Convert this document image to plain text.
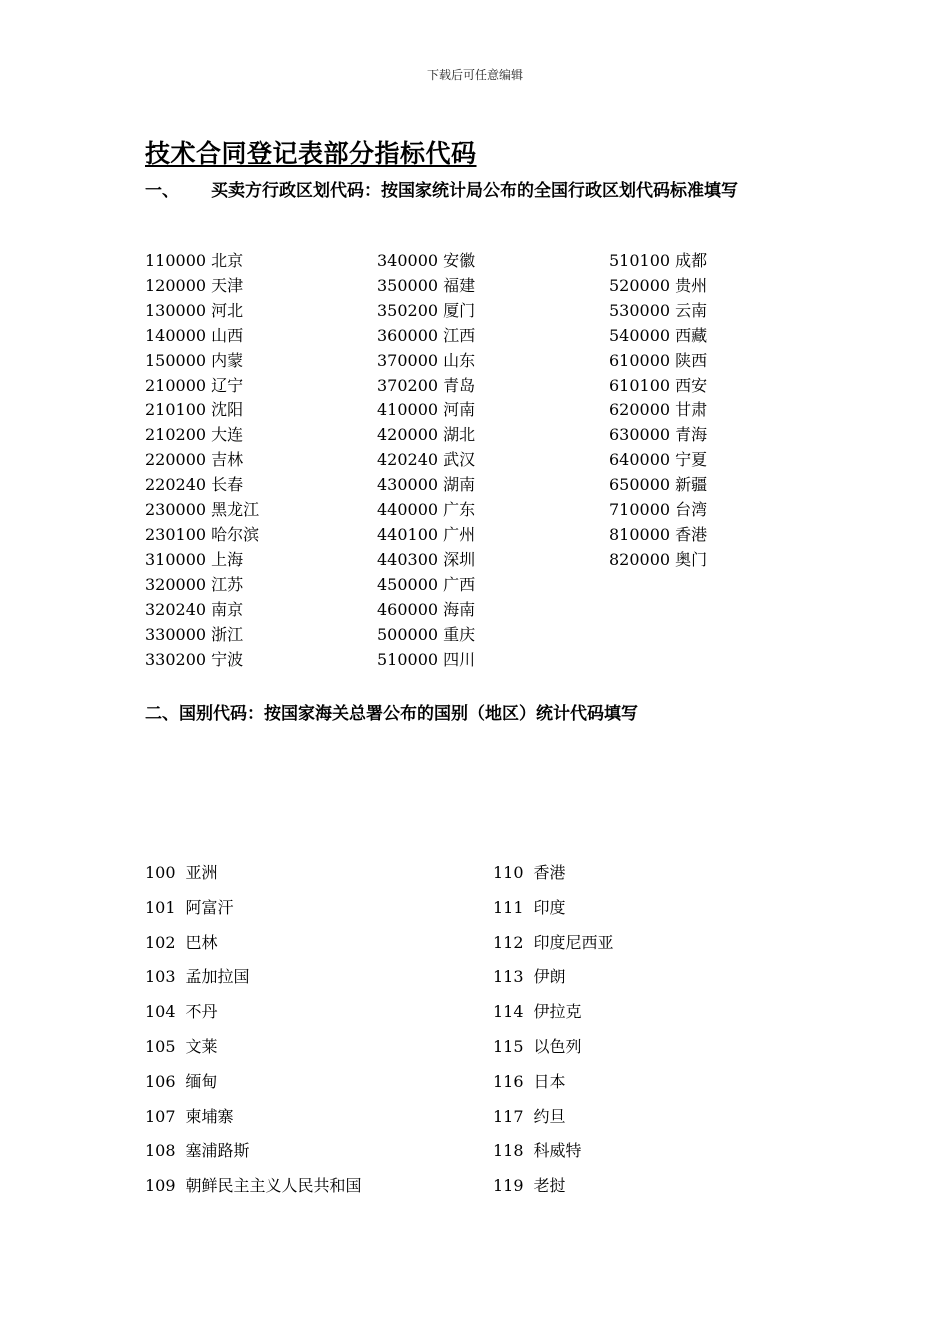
下载后可任意编辑
技术合同登记表部分指标代码
一、 买卖方行政区划代码：按国家统计局公布的全国行政区划代码标准填写
110000 北京
120000 天津
130000 河北
140000 山西
150000 内蒙
210000 辽宁
210100 沈阳
210200 大连
220000 吉林
220240 长春
230000 黑龙江
230100 哈尔滨
310000 上海
320000 江苏
320240 南京
330000 浙江
330200 宁波
340000 安徽
350000 福建
350200 厦门
360000 江西
370000 山东
370200 青岛
410000 河南
420000 湖北
420240 武汉
430000 湖南
440000 广东
440100 广州
440300 深圳
450000 广西
460000 海南
500000 重庆
510000 四川
510100 成都
520000 贵州
530000 云南
540000 西藏
610000 陕西
610100 西安
620000 甘肃
630000 青海
640000 宁夏
650000 新疆
710000 台湾
810000 香港
820000 奥门
二、国别代码：按国家海关总署公布的国别（地区）统计代码填写
100 亚洲
101 阿富汗
102 巴林
103 孟加拉国
104 不丹
105 文莱
106 缅甸
107 柬埔寨
108 塞浦路斯
109 朝鲜民主主义人民共和国
110 香港
111 印度
112 印度尼西亚
113 伊朗
114 伊拉克
115 以色列
116 日本
117 约旦
118 科威特
119 老挝
